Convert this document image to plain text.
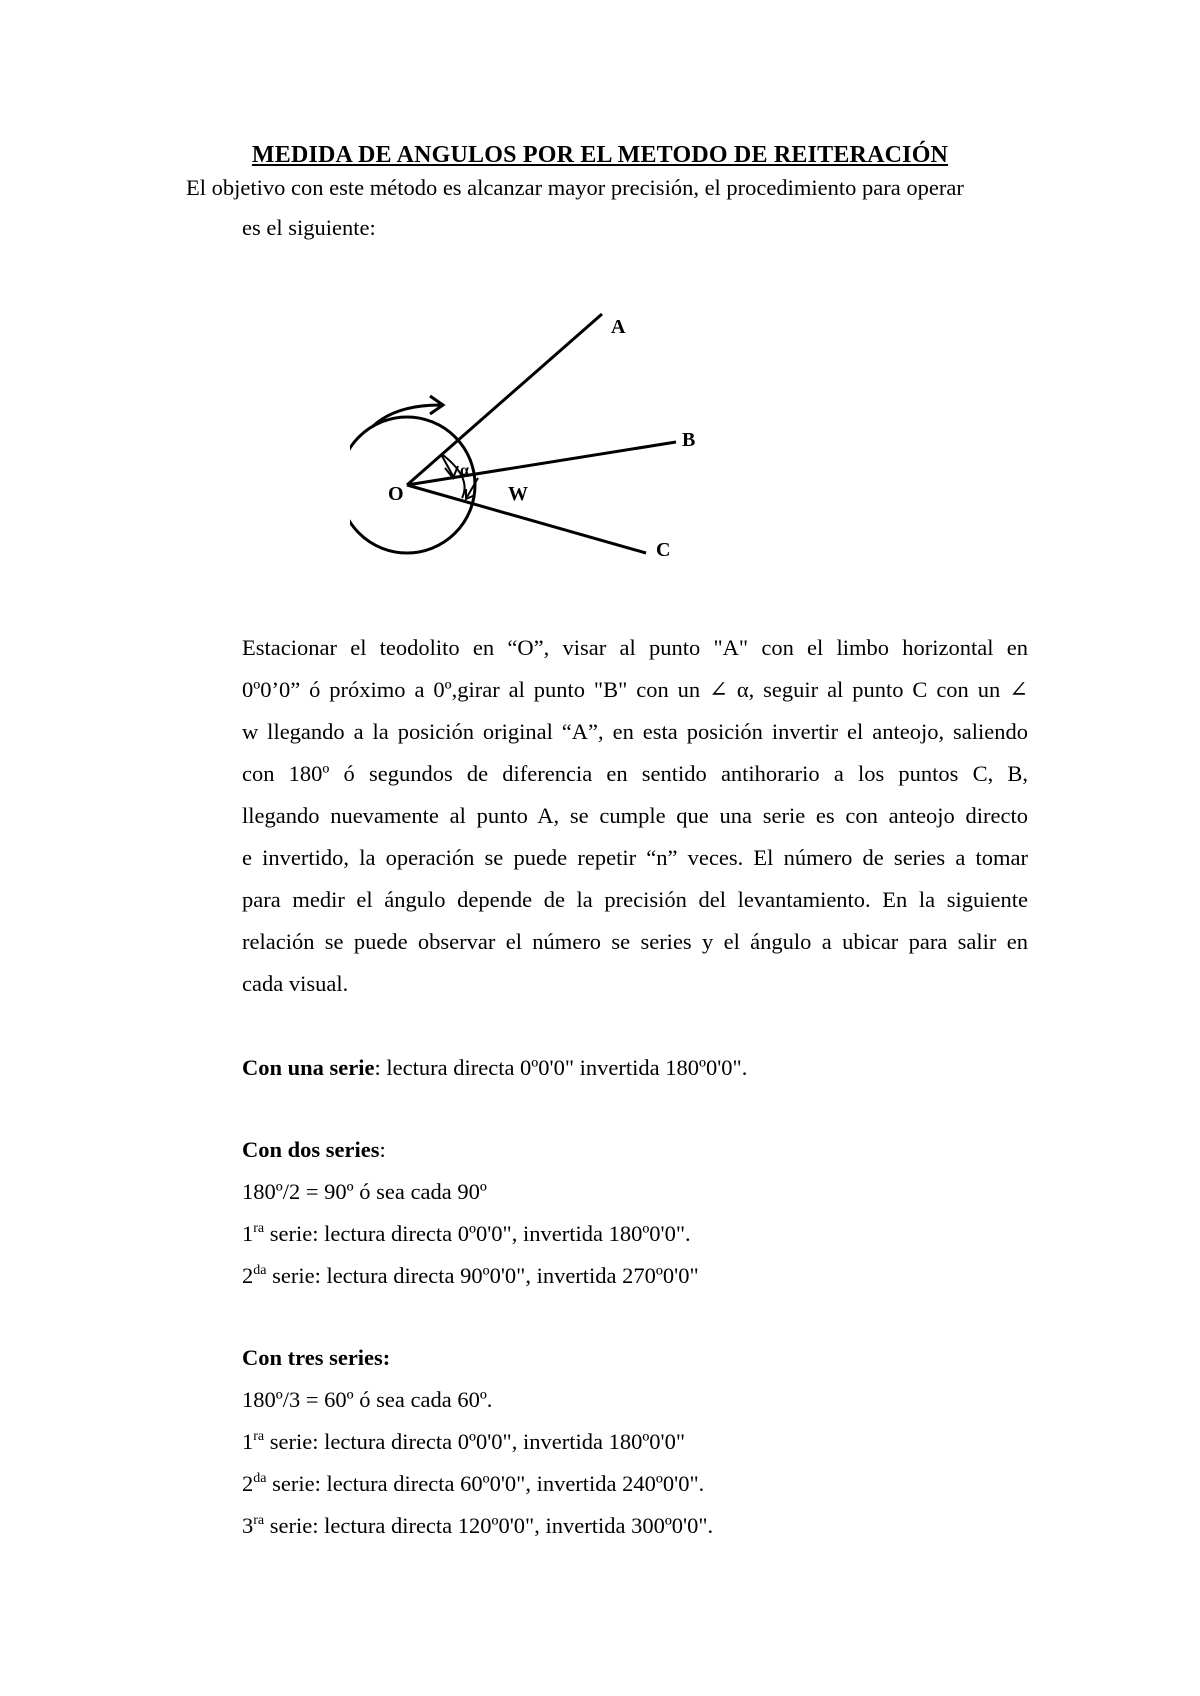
MEDIDA DE ANGULOS POR EL METODO DE REITERACIÓN
El objetivo con este método es alcanzar mayor precisión, el procedimiento para operar
es el siguiente:
A
B
C
O	W
α
Estacionar el teodolito en “O”, visar al punto "A" con el limbo horizontal en
0º0’0” ó próximo a 0º,girar al punto "B" con un ∠ α, seguir al punto C con un ∠
w llegando a la posición original “A”, en esta posición invertir el anteojo, saliendo
con 180º ó segundos de diferencia en sentido antihorario a los puntos C, B,
llegando nuevamente al punto A, se cumple que una serie es con anteojo directo
e invertido, la operación se puede repetir “n” veces. El número de series a tomar
para medir el ángulo depende de la precisión del levantamiento. En la siguiente
relación se puede observar el número se series y el ángulo a ubicar para salir en
cada visual.
Con una serie: lectura directa 0º0'0" invertida 180º0'0".
Con dos series:
180º/2 = 90º ó sea cada 90º
$1^{ra}$ serie: lectura directa 0º0'0", invertida 180º0'0".
$2^{da}$ serie: lectura directa 90º0'0", invertida 270º0'0"
Con tres series:
180º/3 = 60º ó sea cada 60º.
$1^{ra}$ serie: lectura directa 0º0'0", invertida 180º0'0"
$2^{da}$ serie: lectura directa 60º0'0", invertida 240º0'0".
$3^{ra}$ serie: lectura directa 120º0'0", invertida 300º0'0".
